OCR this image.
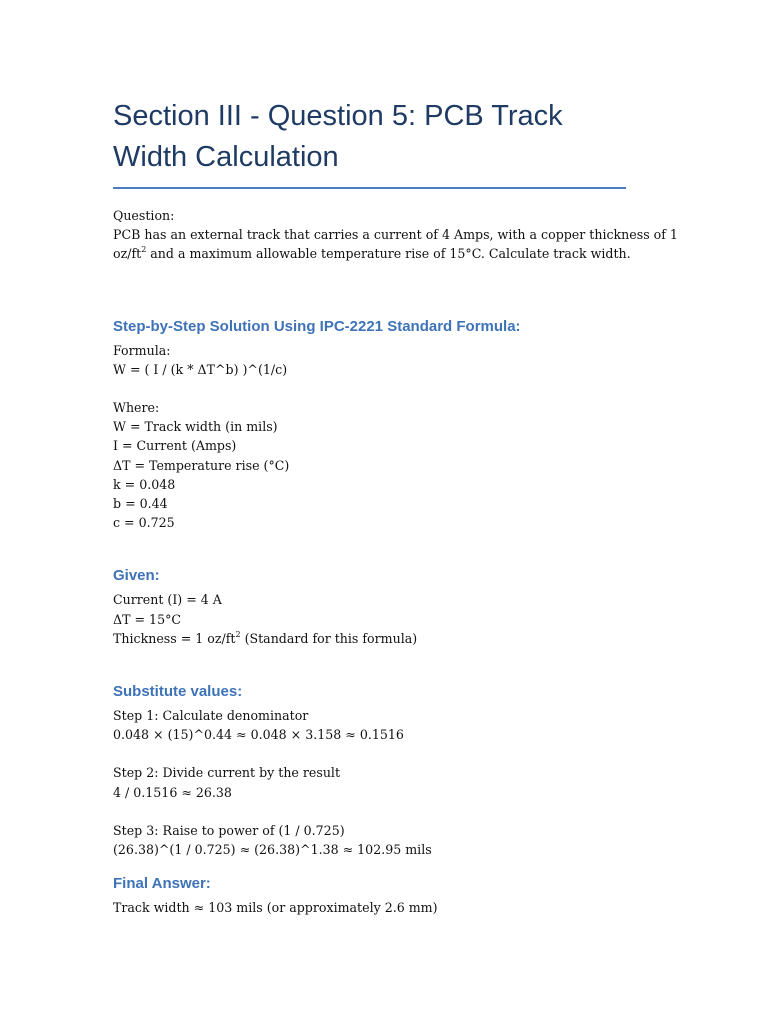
Section III - Question 5: PCB Track
Width Calculation
Question:
PCB has an external track that carries a current of 4 Amps, with a copper thickness of 1
$oz/ft^2$ and a maximum allowable temperature rise of 15°C. Calculate track width.
Step-by-Step Solution Using IPC-2221 Standard Formula:
Formula:
W = ( I / (k * ΔT^b) )^(1/c)
Where:
W = Track width (in mils)
I = Current (Amps)
ΔT = Temperature rise (°C)
k = 0.048
b = 0.44
c = 0.725
Given:
Current (I) = 4 A
ΔT = 15°C
Thickness = 1 $oz/ft^2$ (Standard for this formula)
Substitute values:
Step 1: Calculate denominator
0.048 × (15)^0.44 ≈ 0.048 × 3.158 ≈ 0.1516
Step 2: Divide current by the result
4 / 0.1516 ≈ 26.38
Step 3: Raise to power of (1 / 0.725)
(26.38)^(1 / 0.725) ≈ (26.38)^1.38 ≈ 102.95 mils
Final Answer:
Track width ≈ 103 mils (or approximately 2.6 mm)
